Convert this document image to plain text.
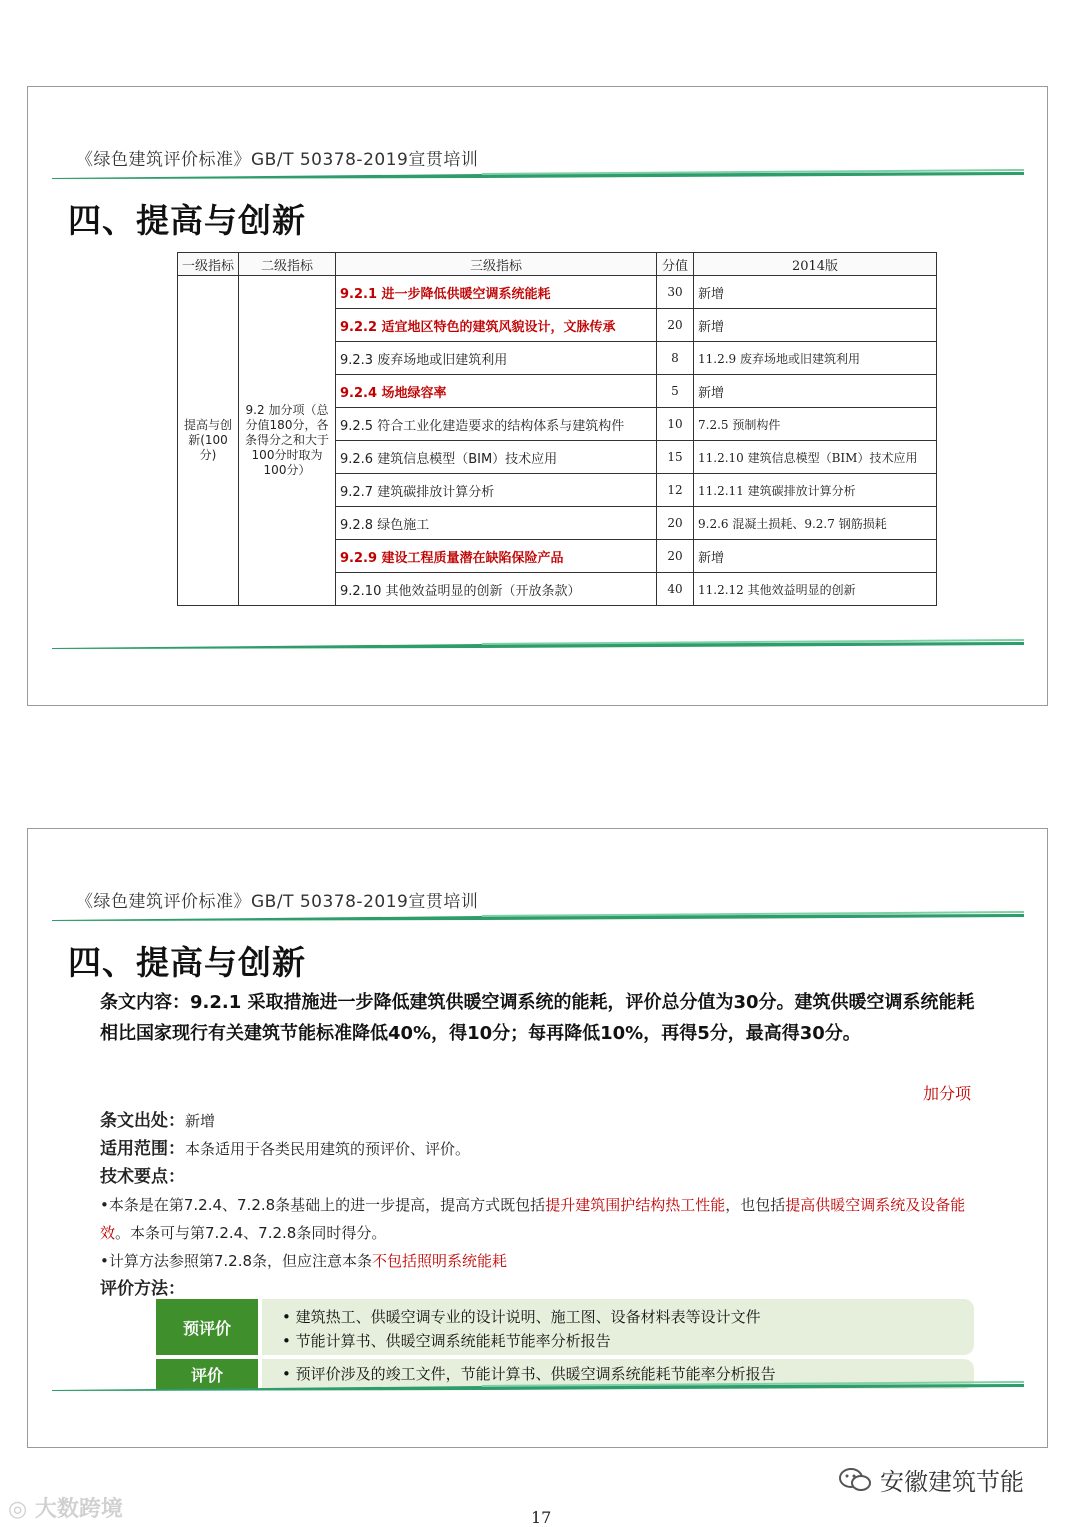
《绿色建筑评价标准》GB/T 50378-2019宣贯培训
四、提高与创新
一级指标	二级指标	三级指标	分值	2014版
提高与创新(100分)	9.2 加分项（总分值180分，各条得分之和大于100分时取为100分）	9.2.1 进一步降低供暖空调系统能耗	30	新增
		9.2.2 适宜地区特色的建筑风貌设计，文脉传承	20	新增
		9.2.3 废弃场地或旧建筑利用	8	11.2.9 废弃场地或旧建筑利用
		9.2.4 场地绿容率	5	新增
		9.2.5 符合工业化建造要求的结构体系与建筑构件	10	7.2.5 预制构件
		9.2.6 建筑信息模型（BIM）技术应用	15	11.2.10 建筑信息模型（BIM）技术应用
		9.2.7 建筑碳排放计算分析	12	11.2.11 建筑碳排放计算分析
		9.2.8 绿色施工	20	9.2.6 混凝土损耗、9.2.7 钢筋损耗
		9.2.9 建设工程质量潜在缺陷保险产品	20	新增
		9.2.10 其他效益明显的创新（开放条款）	40	11.2.12 其他效益明显的创新
《绿色建筑评价标准》GB/T 50378-2019宣贯培训
四、提高与创新
条文内容：9.2.1 采取措施进一步降低建筑供暖空调系统的能耗，评价总分值为30分。建筑供暖空调系统能耗相比国家现行有关建筑节能标准降低40%，得10分；每再降低10%，再得5分，最高得30分。
加分项
条文出处：新增
适用范围：本条适用于各类民用建筑的预评价、评价。
技术要点：
•本条是在第7.2.4、7.2.8条基础上的进一步提高，提高方式既包括提升建筑围护结构热工性能，也包括提高供暖空调系统及设备能效。本条可与第7.2.4、7.2.8条同时得分。
•计算方法参照第7.2.8条，但应注意本条不包括照明系统能耗
评价方法：
预评价
• 建筑热工、供暖空调专业的设计说明、施工图、设备材料表等设计文件
• 节能计算书、供暖空调系统能耗节能率分析报告
评价	• 预评价涉及的竣工文件，节能计算书、供暖空调系统能耗节能率分析报告
◎ 大数跨境
安徽建筑节能
17
